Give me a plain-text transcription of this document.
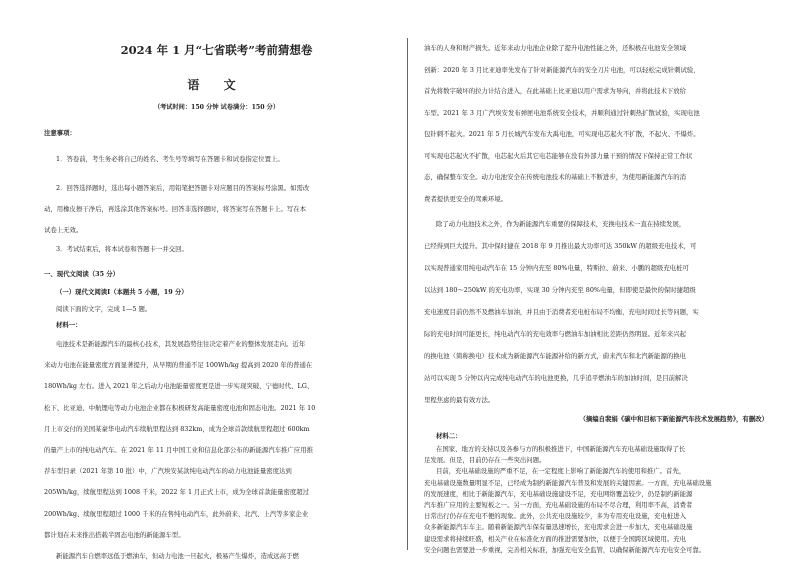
2024 年 1 月“七省联考”考前猜想卷
语 文
（考试时间：150 分钟 试卷满分：150 分）
注意事项：
1．答卷前，考生务必将自己的姓名、考生号等填写在答题卡和试卷指定位置上。
2．回答选择题时，选出每小题答案后，用铅笔把答题卡对应题目的答案标号涂黑。如需改
动，用橡皮擦干净后，再选涂其他答案标号。回答非选择题时，将答案写在答题卡上。写在本
试卷上无效。
3．考试结束后，将本试卷和答题卡一并交回。
一、现代文阅读（35 分）
（一）现代文阅读Ⅰ（本题共 5 小题，19 分）
阅读下面的文字，完成 1—5 题。
材料一：
电池技术是新能源汽车的最核心技术，其发展趋势往往决定着产业的整体发展走向。近年
来动力电池在能量密度方面显著提升，从早期的普通不足 100Wh/kg 提高到 2020 年的普通在
180Wh/kg 左右。进入 2021 年之后动力电池能量密度更是进一步实现突破，宁德时代、LG、
松下、比亚迪、中航锂电等动力电池企业都在积极研发高能量密度电池和固态电池。2021 年 10
月上市交付的美国某豪华电动汽车续航里程达到 832km，成为全球首款续航里程超过 600km
的量产上市的纯电动汽车。在 2021 年 11 月中国工业和信息化部公布的新能源汽车推广应用推
荐车型目录（2021 年第 10 批）中，广汽埃安某款纯电动汽车的动力电池能量密度达到
205Wh/kg，续航里程达到 1008 千米，2022 年 1 月正式上市，成为全球首款能量密度超过
200Wh/kg、续航里程超过 1000 千米的在售纯电动汽车，此外蔚来、北汽、上汽等多家企业
都计划在未来推出搭载半固态电池的新能源车型。
新能源汽车自燃率远低于燃油车，但动力电池一旦起火，极易产生爆炸，造成远高于燃
油车的人身和财产损失。近年来动力电池企业除了提升电池性能之外，还积极在电池安全领域
创新：2020 年 3 月比亚迪率先发布了针对新能源汽车的安全刀片电池，可以轻松完成针刺试验，
首先将数字破坏的拉力计结合进入，在此基础上比亚迪以用户需求为导向，并将此技术下放给
车型。2021 年 3 月广汽埃安发布弹匣电池系统安全技术，并顺利通过针刺热扩散试验，实现电池
包针刺不起火。2021 年 5 月长城汽车发布大禹电池，可实现电芯起火不扩散，不起火、不爆炸。
可实现电芯起火不扩散，电芯起火后其它电芯能够在没有外部力量干预的情况下保持正常工作状
态，确保整车安全。动力电池安全在传统电池技术的基础上不断进步，为使用新能源汽车的消
费者提供更安全的驾乘环境。
除了动力电池技术之外，作为新能源汽车重要的保障技术，充换电技术一直在持续发展，
已经得到巨大提升。其中保时捷在 2018 年 9 月推出最大功率可达 350kW 的超级充电技术，可
以实现普通家用纯电动汽车在 15 分钟内充至 80%电量，特斯拉、蔚来、小鹏的超级充电桩可
以达到 180～250kW 的充电功率，实现 30 分钟内充至 80%电量，但即使是最快的保时捷超级
充电速度目前仍然不及燃油车加油，并且由于消费者充电桩布局不均衡，充电时间过长等问题，实
际的充电时间可能更长，纯电动汽车的充电效率与燃油车加油相比差距仍然明显。近年来兴起
的换电池（简称换电）技术成为新能源汽车能源补给的新方式，蔚来汽车和北汽新能源的换电
站可以实现 5 分钟以内完成纯电动汽车的电池更换，几乎追平燃油车的加油时间，是目前解决
里程焦虑的最有效方法。
（摘编自裴娟《碳中和目标下新能源汽车技术发展趋势》，有删改）
材料二：
在国家、地方的支持以及各参与方的积极推进下，中国新能源汽车充电基础设施取得了长
足发展。但是，目前仍存在一些突出问题。
目前，充电基础设施的严重不足，在一定程度上影响了新能源汽车的使用和推广。首先，
充电基础设施数量明显不足，已经成为制约新能源汽车普及和发展的关键因素。一方面，充电基础设施
的发展速度，相比于新能源汽车，充电基础设施建设不足，充电网络覆盖较少，仍是制约新能源
汽车推广应用的主要短板之一。另一方面，充电基础设施的布局不尽合理，利用率不高，消费者
日常出行仍存在充电不便的现象。此外，公共充电设施较少，多为专用充电设施，充电桩进入
众多新能源汽车车主。随着新能源汽车保有量迅速增长，充电需求会进一步加大，充电基础设施
建设需求将持续旺盛，相关产业在标准化方面的推进需要加快，以便于全国跨区域使用。充电
安全问题也需要进一步重视，完善相关标准，加强充电安全监管，以确保新能源汽车充电安全可靠。
